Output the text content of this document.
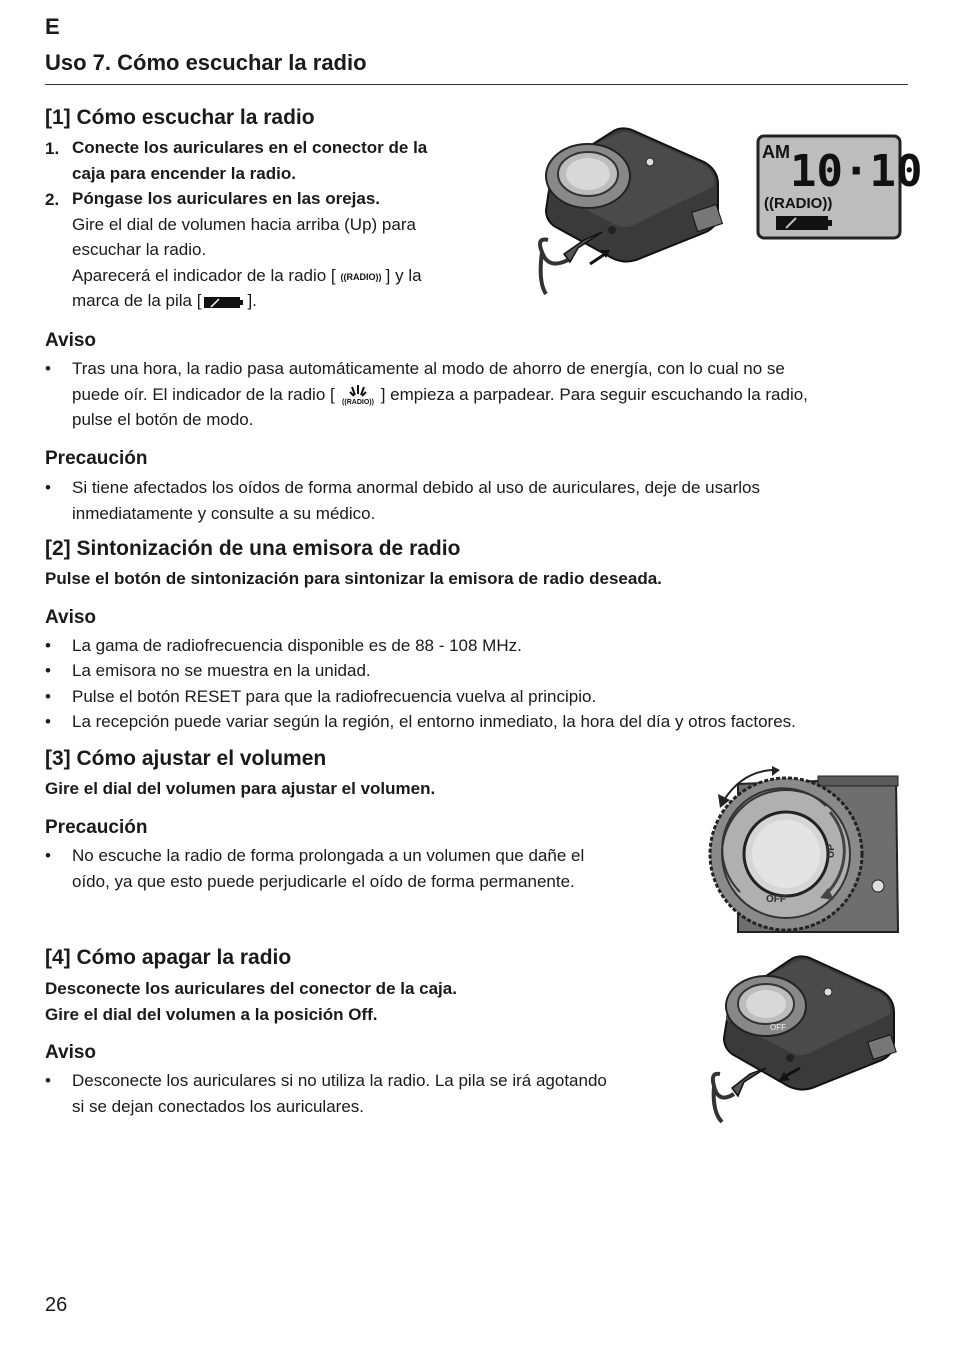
E
Uso 7. Cómo escuchar la radio
[1] Cómo escuchar la radio
1. Conecte los auriculares en el conector de la
caja para encender la radio.
2. Póngase los auriculares en las orejas.
Gire el dial de volumen hacia arriba (Up) para
escuchar la radio.
Aparecerá el indicador de la radio [ ((RADIO)) ] y la
marca de la pila [	].
AM 10·10
((RADIO))
Aviso
• Tras una hora, la radio pasa automáticamente al modo de ahorro de energía, con lo cual no se
puede oír. El indicador de la radio [ ((RADIO)) ] empieza a parpadear. Para seguir escuchando la radio,
pulse el botón de modo.
Precaución
• Si tiene afectados los oídos de forma anormal debido al uso de auriculares, deje de usarlos
inmediatamente y consulte a su médico.
[2] Sintonización de una emisora de radio
Pulse el botón de sintonización para sintonizar la emisora de radio deseada.
Aviso
• La gama de radiofrecuencia disponible es de 88 - 108 MHz.
• La emisora no se muestra en la unidad.
• Pulse el botón RESET para que la radiofrecuencia vuelva al principio.
• La recepción puede variar según la región, el entorno inmediato, la hora del día y otros factores.
[3] Cómo ajustar el volumen
Gire el dial del volumen para ajustar el volumen.
Precaución
• No escuche la radio de forma prolongada a un volumen que dañe el
oído, ya que esto puede perjudicarle el oído de forma permanente.
UP
OFF
[4] Cómo apagar la radio
Desconecte los auriculares del conector de la caja.
Gire el dial del volumen a la posición Off.
Aviso
• Desconecte los auriculares si no utiliza la radio. La pila se irá agotando
si se dejan conectados los auriculares.
OFF
26
